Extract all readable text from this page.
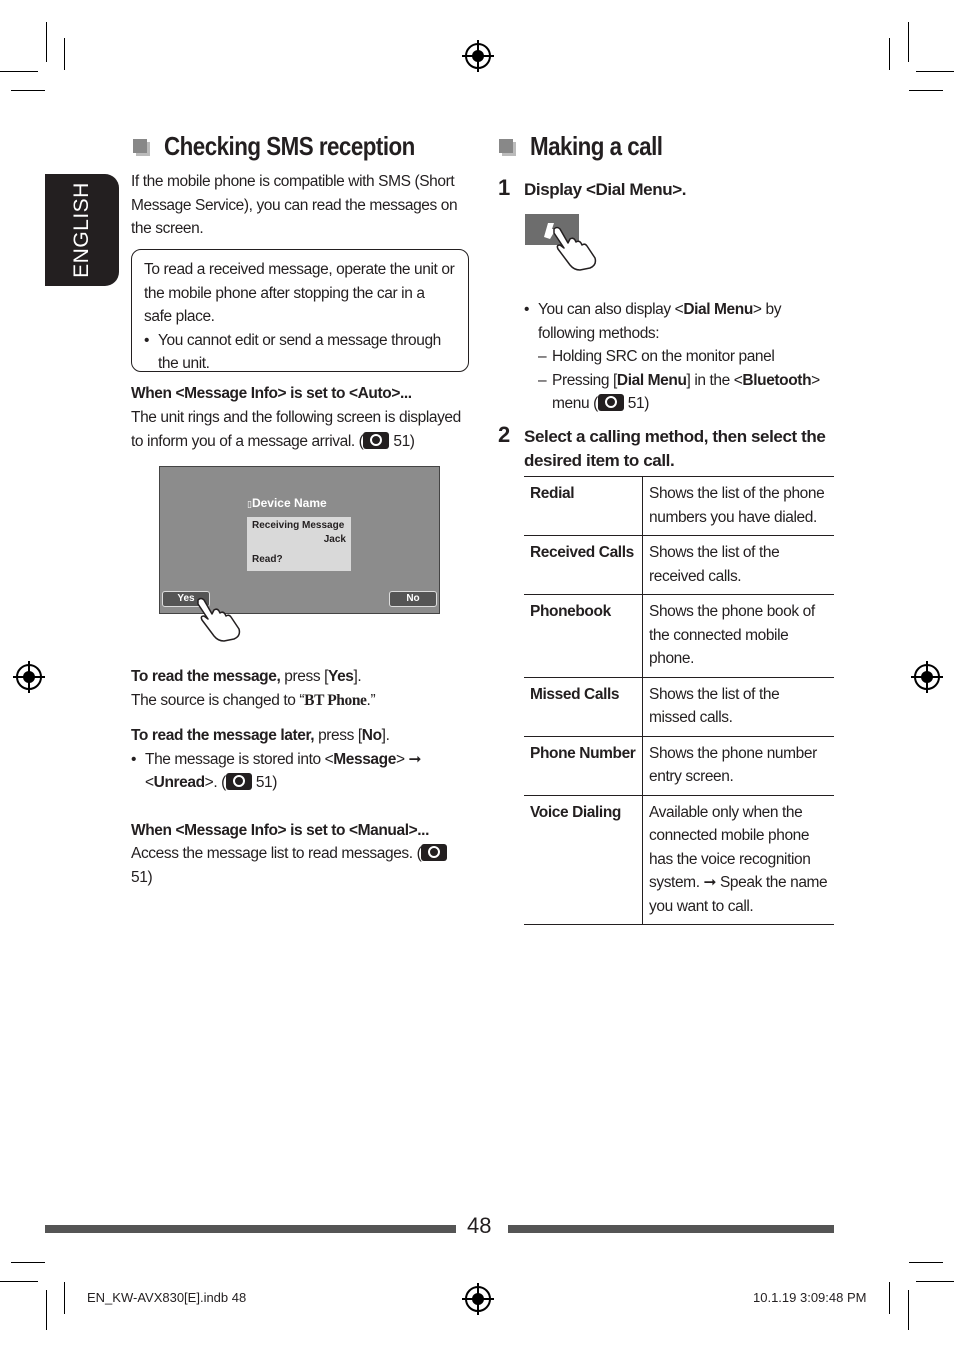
ENGLISH
Checking SMS reception
If the mobile phone is compatible with SMS (Short Message Service), you can read the messages on the screen.
To read a received message, operate the unit or the mobile phone after stopping the car in a safe place.
• You cannot edit or send a message through the unit.
When <Message Info> is set to <Auto>...
The unit rings and the following screen is displayed to inform you of a message arrival. ( 51)
▯Device Name
Receiving Message
Jack
Read?
Yes	No
To read the message, press [Yes].
The source is changed to “BT Phone.”
To read the message later, press [No].
• The message is stored into <Message> ➞ <Unread>. ( 51)
When <Message Info> is set to <Manual>...
Access the message list to read messages. ( 51)
Making a call
1 Display <Dial Menu>.
• You can also display <Dial Menu> by following methods:
– Holding SRC on the monitor panel
– Pressing [Dial Menu] in the <Bluetooth> menu ( 51)
2 Select a calling method, then select the desired item to call.
Redial	Shows the list of the phone numbers you have dialed.
Received Calls	Shows the list of the received calls.
Phonebook	Shows the phone book of the connected mobile phone.
Missed Calls	Shows the list of the missed calls.
Phone Number	Shows the phone number entry screen.
Voice Dialing	Available only when the connected mobile phone has the voice recognition system. ➞ Speak the name you want to call.
48
EN_KW-AVX830[E].indb 48	10.1.19 3:09:48 PM
